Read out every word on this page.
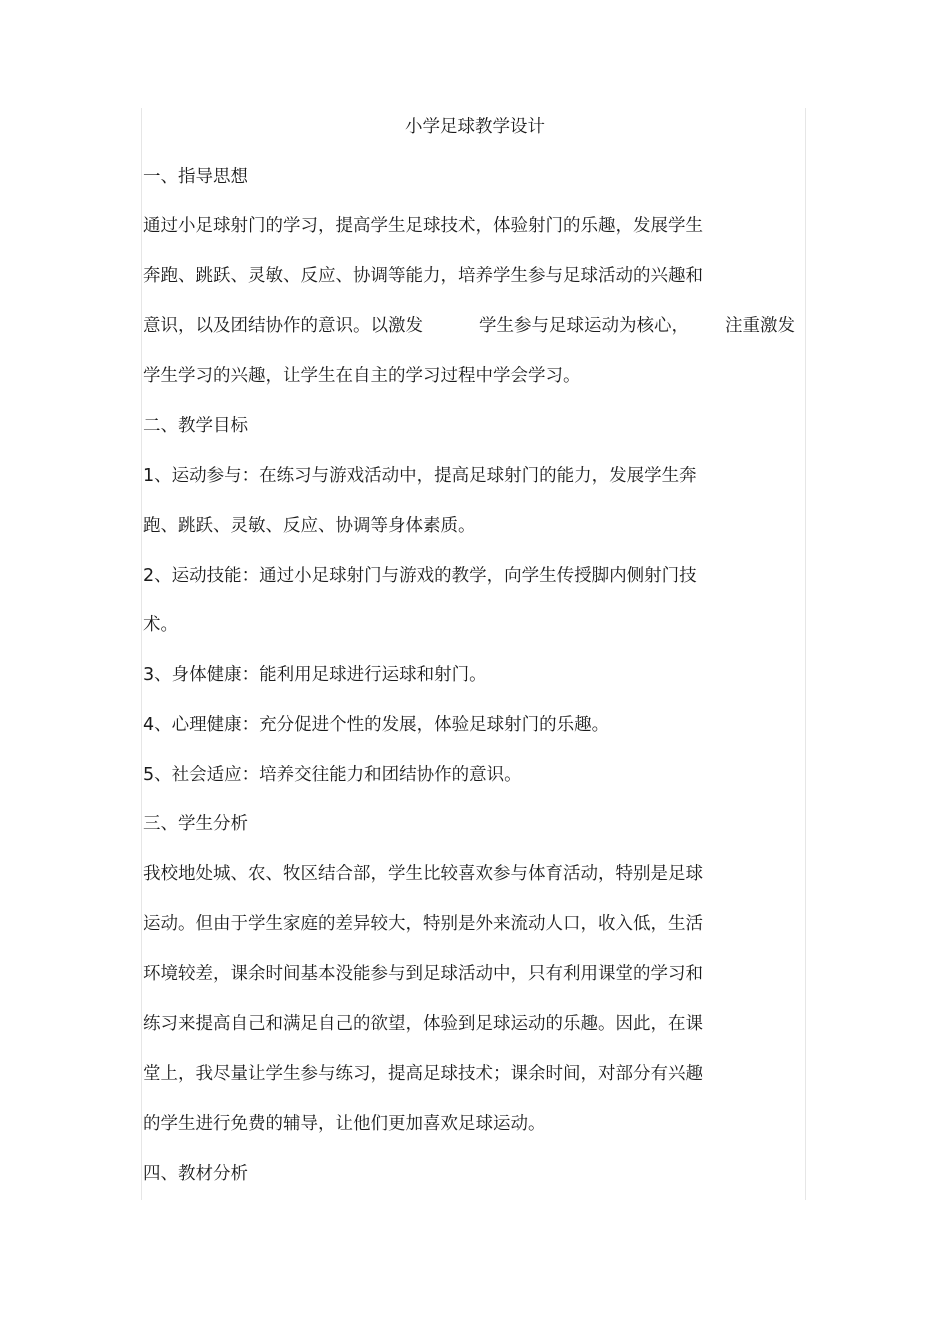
小学足球教学设计
一、指导思想
通过小足球射门的学习，提高学生足球技术，体验射门的乐趣，发展学生
奔跑、跳跃、灵敏、反应、协调等能力，培养学生参与足球活动的兴趣和
意识，以及团结协作的意识。以激发	学生参与足球运动为核心， 注重激发
学生学习的兴趣，让学生在自主的学习过程中学会学习。
二、教学目标
1、运动参与：在练习与游戏活动中，提高足球射门的能力，发展学生奔
跑、跳跃、灵敏、反应、协调等身体素质。
2、运动技能：通过小足球射门与游戏的教学，向学生传授脚内侧射门技
术。
3、身体健康：能利用足球进行运球和射门。
4、心理健康：充分促进个性的发展，体验足球射门的乐趣。
5、社会适应：培养交往能力和团结协作的意识。
三、学生分析
我校地处城、农、牧区结合部，学生比较喜欢参与体育活动，特别是足球
运动。但由于学生家庭的差异较大，特别是外来流动人口，收入低，生活
环境较差，课余时间基本没能参与到足球活动中，只有利用课堂的学习和
练习来提高自己和满足自己的欲望，体验到足球运动的乐趣。因此，在课
堂上，我尽量让学生参与练习，提高足球技术；课余时间，对部分有兴趣
的学生进行免费的辅导，让他们更加喜欢足球运动。
四、教材分析
